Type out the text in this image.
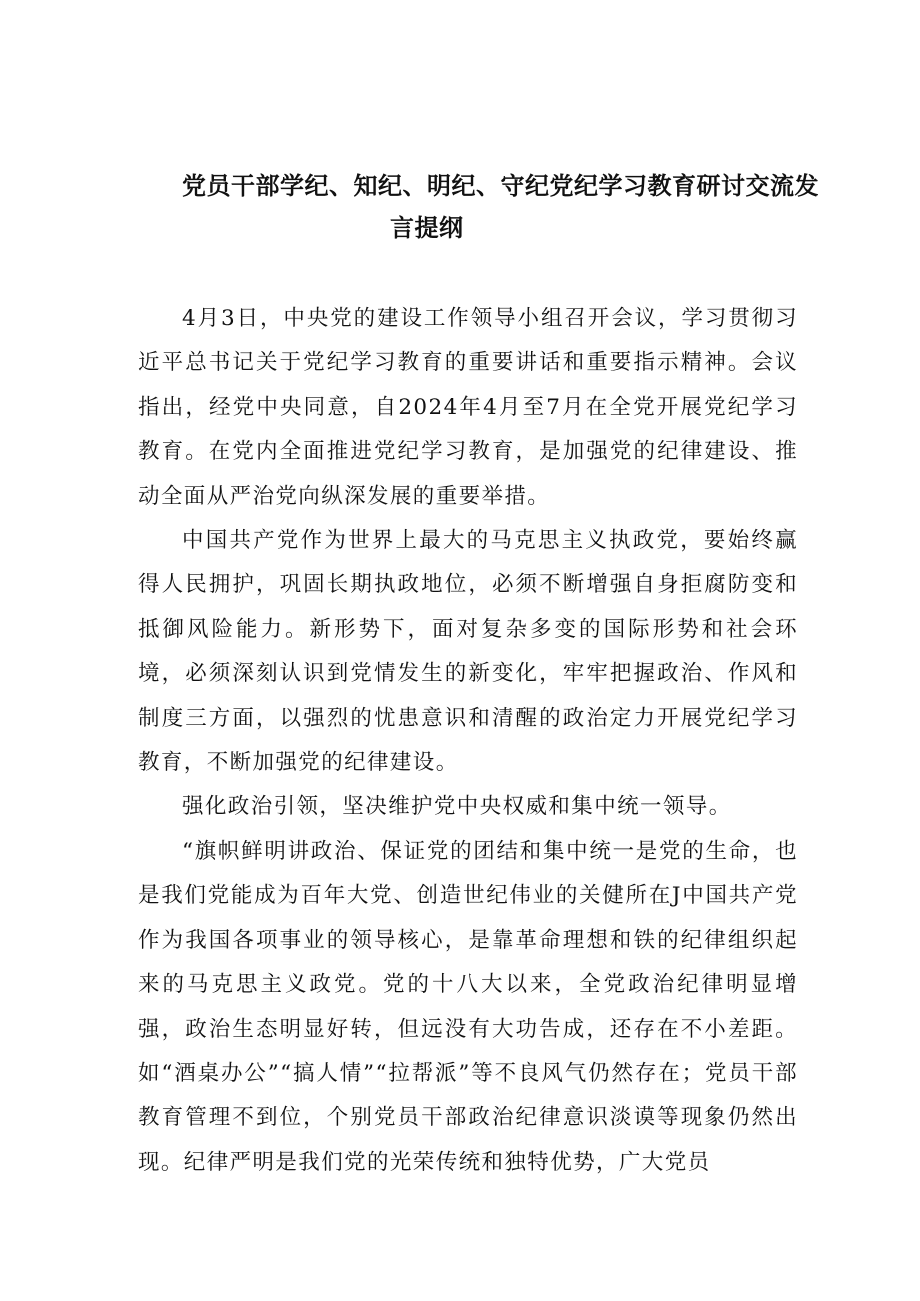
党员干部学纪、知纪、明纪、守纪党纪学习教育研讨交流发
言提纲

4月3日，中央党的建设工作领导小组召开会议，学习贯彻习近平总书记关于党纪学习教育的重要讲话和重要指示精神。会议指出，经党中央同意，自2024年4月至7月在全党开展党纪学习教育。在党内全面推进党纪学习教育，是加强党的纪律建设、推动全面从严治党向纵深发展的重要举措。

中国共产党作为世界上最大的马克思主义执政党，要始终赢得人民拥护，巩固长期执政地位，必须不断增强自身拒腐防变和抵御风险能力。新形势下，面对复杂多变的国际形势和社会环境，必须深刻认识到党情发生的新变化，牢牢把握政治、作风和制度三方面，以强烈的忧患意识和清醒的政治定力开展党纪学习教育，不断加强党的纪律建设。

强化政治引领，坚决维护党中央权威和集中统一领导。

“旗帜鲜明讲政治、保证党的团结和集中统一是党的生命，也是我们党能成为百年大党、创造世纪伟业的关健所在J中国共产党作为我国各项事业的领导核心，是靠革命理想和铁的纪律组织起来的马克思主义政党。党的十八大以来，全党政治纪律明显增强，政治生态明显好转，但远没有大功告成，还存在不小差距。如“酒桌办公”“搞人情”“拉帮派”等不良风气仍然存在；党员干部教育管理不到位，个别党员干部政治纪律意识淡谟等现象仍然出现。纪律严明是我们党的光荣传统和独特优势，广大党员
